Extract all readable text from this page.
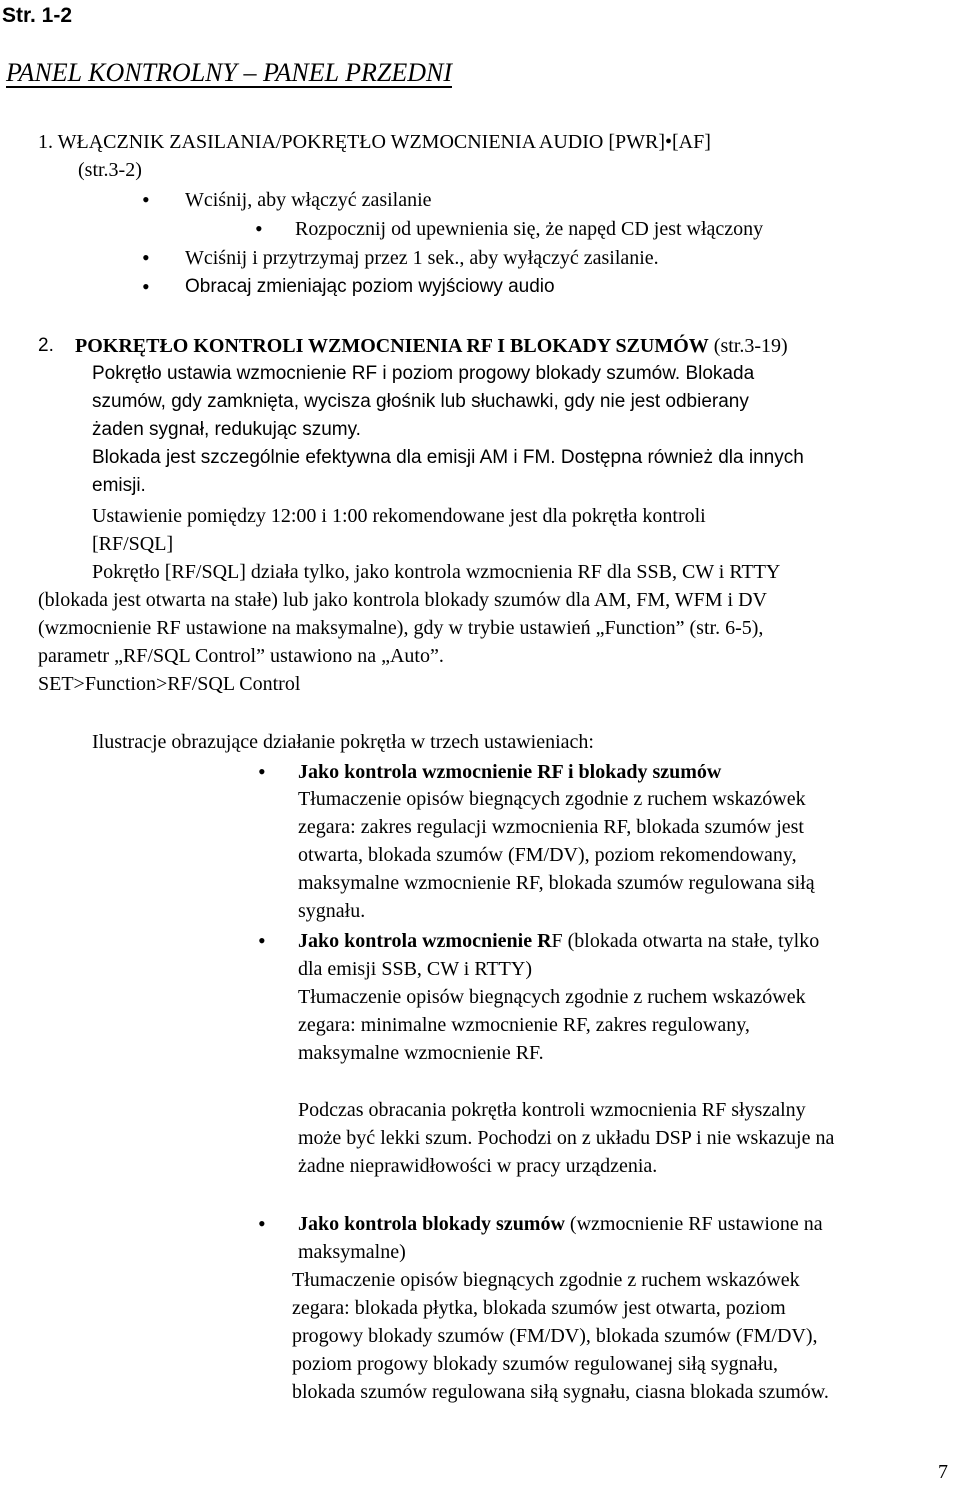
Str. 1-2
PANEL KONTROLNY – PANEL PRZEDNI
1. WŁĄCZNIK ZASILANIA/POKRĘTŁO WZMOCNIENIA AUDIO [PWR]•[AF]
(str.3-2)
• Wciśnij, aby włączyć zasilanie
• Rozpocznij od upewnienia się, że napęd CD jest włączony
• Wciśnij i przytrzymaj przez 1 sek., aby wyłączyć zasilanie.
• Obracaj zmieniając poziom wyjściowy audio
2. POKRĘTŁO KONTROLI WZMOCNIENIA RF I BLOKADY SZUMÓW (str.3-19)
Pokrętło ustawia wzmocnienie RF i poziom progowy blokady szumów. Blokada
szumów, gdy zamknięta, wycisza głośnik lub słuchawki, gdy nie jest odbierany
żaden sygnał, redukując szumy.
Blokada jest szczególnie efektywna dla emisji AM i FM. Dostępna również dla innych
emisji.
Ustawienie pomiędzy 12:00 i 1:00 rekomendowane jest dla pokrętła kontroli
[RF/SQL]
Pokrętło [RF/SQL] działa tylko, jako kontrola wzmocnienia RF dla SSB, CW i RTTY
(blokada jest otwarta na stałe) lub jako kontrola blokady szumów dla AM, FM, WFM i DV
(wzmocnienie RF ustawione na maksymalne), gdy w trybie ustawień „Function” (str. 6-5),
parametr „RF/SQL Control” ustawiono na „Auto”.
SET>Function>RF/SQL Control
Ilustracje obrazujące działanie pokrętła w trzech ustawieniach:
• Jako kontrola wzmocnienie RF i blokady szumów
Tłumaczenie opisów biegnących zgodnie z ruchem wskazówek
zegara: zakres regulacji wzmocnienia RF, blokada szumów jest
otwarta, blokada szumów (FM/DV), poziom rekomendowany,
maksymalne wzmocnienie RF, blokada szumów regulowana siłą
sygnału.
• Jako kontrola wzmocnienie RF (blokada otwarta na stałe, tylko
dla emisji SSB, CW i RTTY)
Tłumaczenie opisów biegnących zgodnie z ruchem wskazówek
zegara: minimalne wzmocnienie RF, zakres regulowany,
maksymalne wzmocnienie RF.
Podczas obracania pokrętła kontroli wzmocnienia RF słyszalny
może być lekki szum. Pochodzi on z układu DSP i nie wskazuje na
żadne nieprawidłowości w pracy urządzenia.
• Jako kontrola blokady szumów (wzmocnienie RF ustawione na
maksymalne)
Tłumaczenie opisów biegnących zgodnie z ruchem wskazówek
zegara: blokada płytka, blokada szumów jest otwarta, poziom
progowy blokady szumów (FM/DV), blokada szumów (FM/DV),
poziom progowy blokady szumów regulowanej siłą sygnału,
blokada szumów regulowana siłą sygnału, ciasna blokada szumów.
7
